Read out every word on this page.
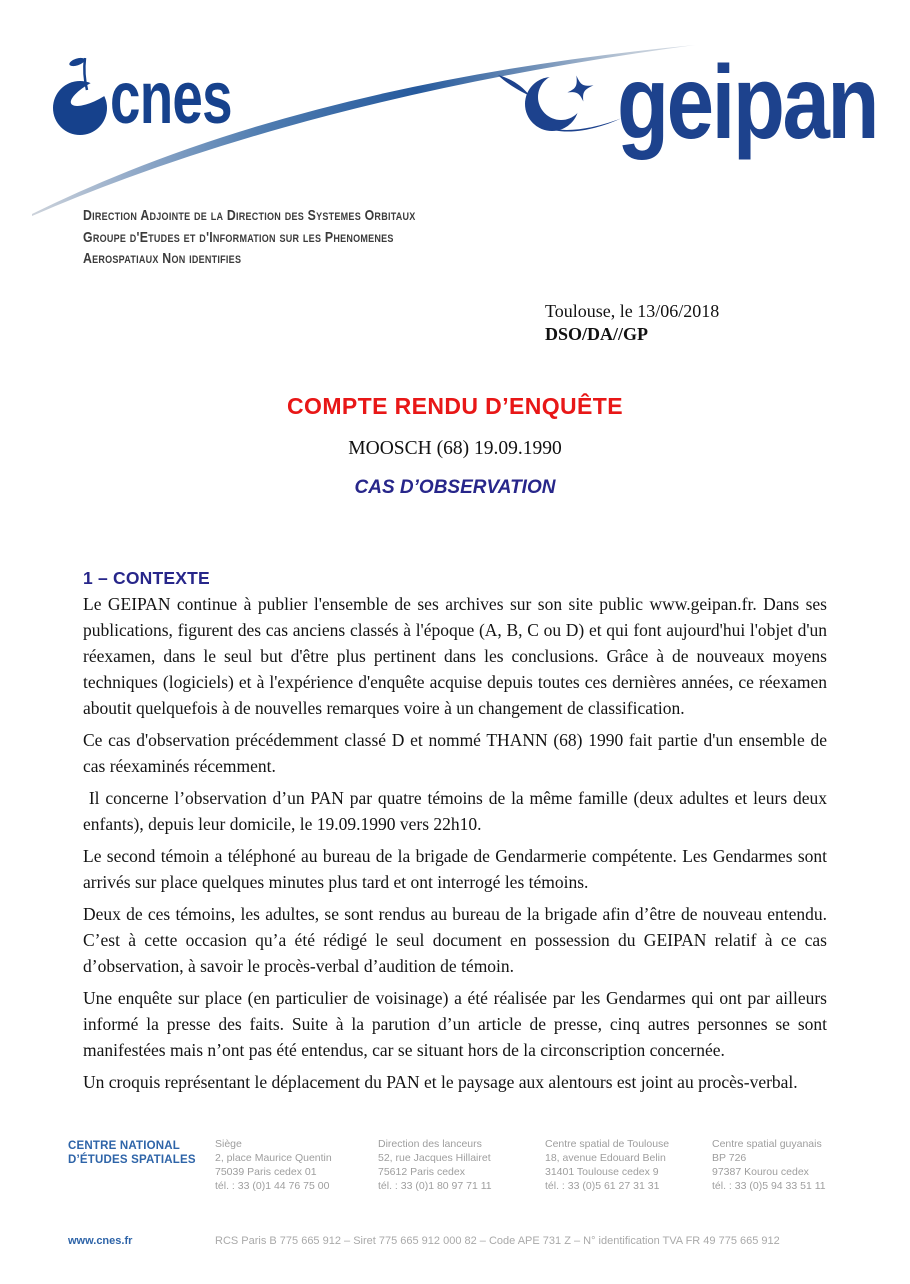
cnes	geipan
Direction Adjointe de la Direction des Systemes Orbitaux
Groupe d'Etudes et d'Information sur les Phenomenes
Aerospatiaux Non identifies
Toulouse, le 13/06/2018
DSO/DA//GP
COMPTE RENDU D’ENQUÊTE
MOOSCH (68) 19.09.1990
CAS D’OBSERVATION
1 – CONTEXTE

Le GEIPAN continue à publier l'ensemble de ses archives sur son site public www.geipan.fr. Dans ses publications, figurent des cas anciens classés à l'époque (A, B, C ou D) et qui font aujourd'hui l'objet d'un réexamen, dans le seul but d'être plus pertinent dans les conclusions. Grâce à de nouveaux moyens techniques (logiciels) et à l'expérience d'enquête acquise depuis toutes ces dernières années, ce réexamen aboutit quelquefois à de nouvelles remarques voire à un changement de classification.

Ce cas d'observation précédemment classé D et nommé THANN (68) 1990 fait partie d'un ensemble de cas réexaminés récemment.

Il concerne l’observation d’un PAN par quatre témoins de la même famille (deux adultes et leurs deux enfants), depuis leur domicile, le 19.09.1990 vers 22h10.

Le second témoin a téléphoné au bureau de la brigade de Gendarmerie compétente. Les Gendarmes sont arrivés sur place quelques minutes plus tard et ont interrogé les témoins.

Deux de ces témoins, les adultes, se sont rendus au bureau de la brigade afin d’être de nouveau entendu. C’est à cette occasion qu’a été rédigé le seul document en possession du GEIPAN relatif à ce cas d’observation, à savoir le procès-verbal d’audition de témoin.

Une enquête sur place (en particulier de voisinage) a été réalisée par les Gendarmes qui ont par ailleurs informé la presse des faits. Suite à la parution d’un article de presse, cinq autres personnes se sont manifestées mais n’ont pas été entendus, car se situant hors de la circonscription concernée.

Un croquis représentant le déplacement du PAN et le paysage aux alentours est joint au procès-verbal.

CENTRE NATIONAL
D’ÉTUDES SPATIALES
Siège
2, place Maurice Quentin
75039 Paris cedex 01
tél. : 33 (0)1 44 76 75 00
Direction des lanceurs
52, rue Jacques Hillairet
75612 Paris cedex
tél. : 33 (0)1 80 97 71 11
Centre spatial de Toulouse
18, avenue Edouard Belin
31401 Toulouse cedex 9
tél. : 33 (0)5 61 27 31 31
Centre spatial guyanais
BP 726
97387 Kourou cedex
tél. : 33 (0)5 94 33 51 11
www.cnes.fr	RCS Paris B 775 665 912 – Siret 775 665 912 000 82 – Code APE 731 Z – N° identification TVA FR 49 775 665 912
